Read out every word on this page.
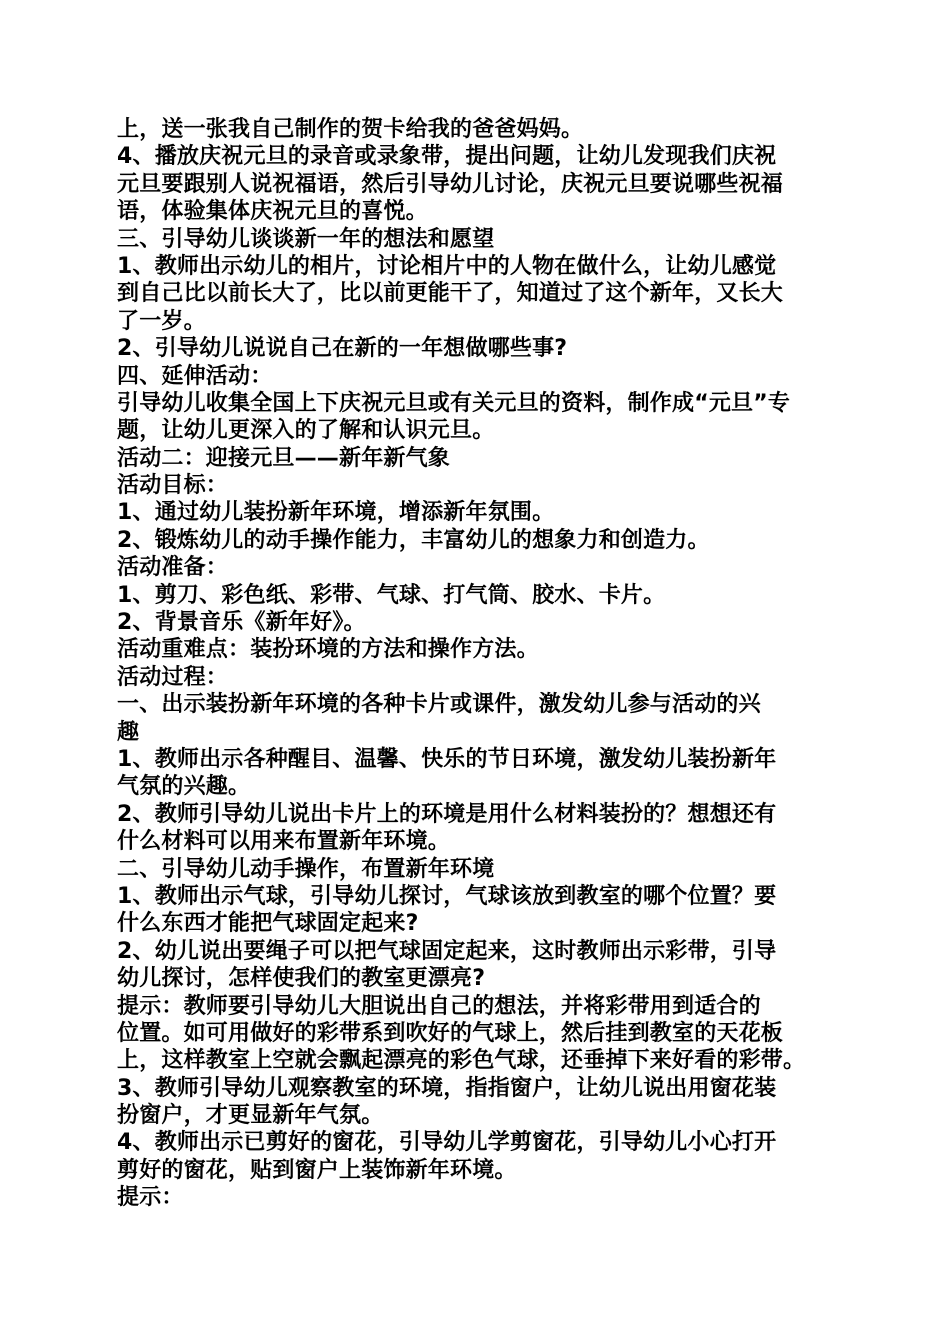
上，送一张我自己制作的贺卡给我的爸爸妈妈。
4、播放庆祝元旦的录音或录象带，提出问题，让幼儿发现我们庆祝
元旦要跟别人说祝福语，然后引导幼儿讨论，庆祝元旦要说哪些祝福
语，体验集体庆祝元旦的喜悦。
三、引导幼儿谈谈新一年的想法和愿望
1、教师出示幼儿的相片，讨论相片中的人物在做什么，让幼儿感觉
到自己比以前长大了，比以前更能干了，知道过了这个新年，又长大
了一岁。
2、引导幼儿说说自己在新的一年想做哪些事?
四、延伸活动：
引导幼儿收集全国上下庆祝元旦或有关元旦的资料，制作成“元旦”专
题，让幼儿更深入的了解和认识元旦。
活动二：迎接元旦——新年新气象
活动目标：
1、通过幼儿装扮新年环境，增添新年氛围。
2、锻炼幼儿的动手操作能力，丰富幼儿的想象力和创造力。
活动准备：
1、剪刀、彩色纸、彩带、气球、打气筒、胶水、卡片。
2、背景音乐《新年好》。
活动重难点：装扮环境的方法和操作方法。
活动过程：
一、出示装扮新年环境的各种卡片或课件，激发幼儿参与活动的兴
趣
1、教师出示各种醒目、温馨、快乐的节日环境，激发幼儿装扮新年
气氛的兴趣。
2、教师引导幼儿说出卡片上的环境是用什么材料装扮的？想想还有
什么材料可以用来布置新年环境。
二、引导幼儿动手操作，布置新年环境
1、教师出示气球，引导幼儿探讨，气球该放到教室的哪个位置？要
什么东西才能把气球固定起来?
2、幼儿说出要绳子可以把气球固定起来，这时教师出示彩带，引导
幼儿探讨，怎样使我们的教室更漂亮?
提示：教师要引导幼儿大胆说出自己的想法，并将彩带用到适合的
位置。如可用做好的彩带系到吹好的气球上，然后挂到教室的天花板
上，这样教室上空就会飘起漂亮的彩色气球，还垂掉下来好看的彩带。
3、教师引导幼儿观察教室的环境，指指窗户，让幼儿说出用窗花装
扮窗户，才更显新年气氛。
4、教师出示已剪好的窗花，引导幼儿学剪窗花，引导幼儿小心打开
剪好的窗花，贴到窗户上装饰新年环境。
提示：
